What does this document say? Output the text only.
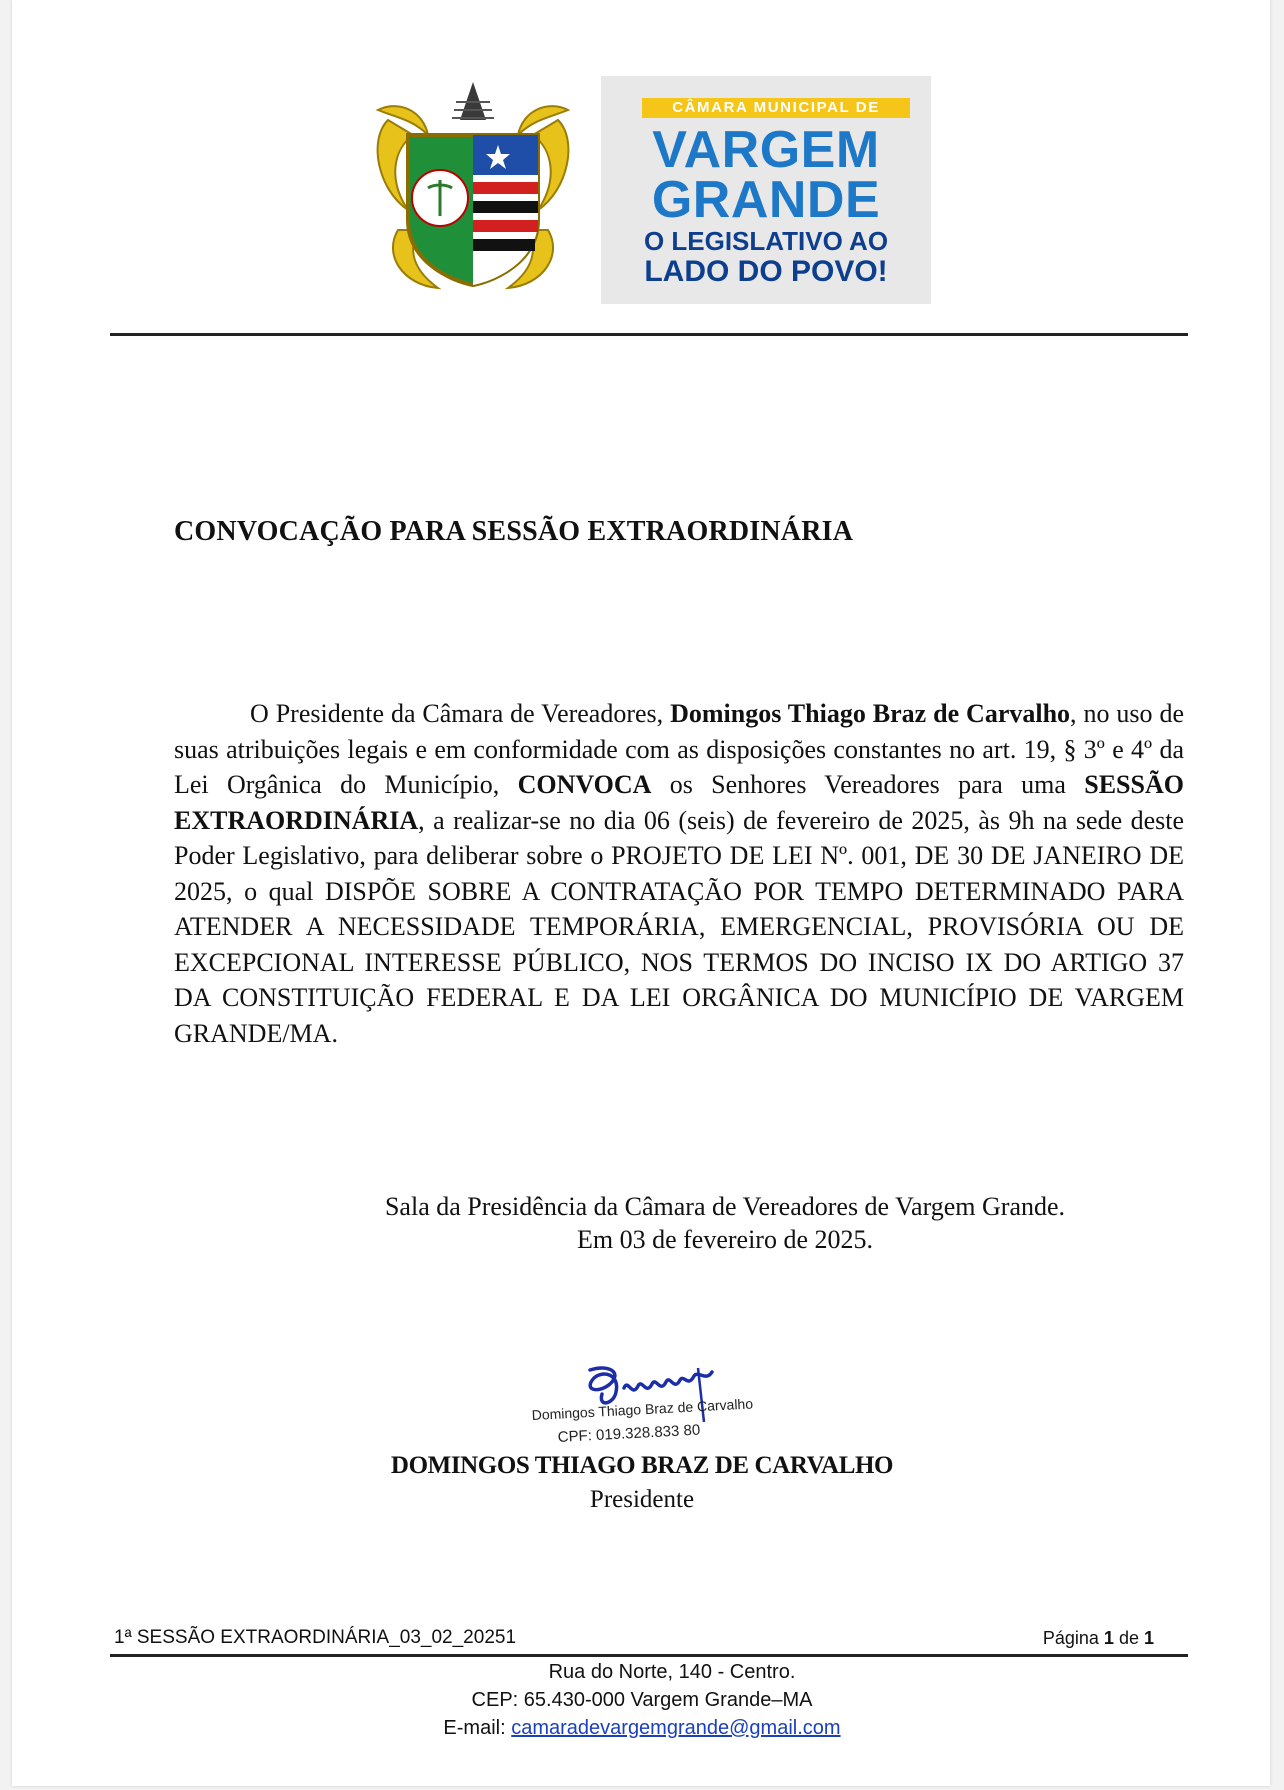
CÂMARA MUNICIPAL DE
VARGEM
GRANDE
O LEGISLATIVO AO
LADO DO POVO!
CONVOCAÇÃO PARA SESSÃO EXTRAORDINÁRIA

O Presidente da Câmara de Vereadores, Domingos Thiago Braz de Carvalho, no uso de suas atribuições legais e em conformidade com as disposições constantes no art. 19, § 3º e 4º da Lei Orgânica do Município, CONVOCA os Senhores Vereadores para uma SESSÃO EXTRAORDINÁRIA, a realizar-se no dia 06 (seis) de fevereiro de 2025, às 9h na sede deste Poder Legislativo, para deliberar sobre o PROJETO DE LEI Nº. 001, DE 30 DE JANEIRO DE 2025, o qual DISPÕE SOBRE A CONTRATAÇÃO POR TEMPO DETERMINADO PARA ATENDER A NECESSIDADE TEMPORÁRIA, EMERGENCIAL, PROVISÓRIA OU DE EXCEPCIONAL INTERESSE PÚBLICO, NOS TERMOS DO INCISO IX DO ARTIGO 37 DA CONSTITUIÇÃO FEDERAL E DA LEI ORGÂNICA DO MUNICÍPIO DE VARGEM GRANDE/MA.

Sala da Presidência da Câmara de Vereadores de Vargem Grande.
Em 03 de fevereiro de 2025.
Domingos Thiago Braz de Carvalho
CPF: 019.328.833 80
DOMINGOS THIAGO BRAZ DE CARVALHO
Presidente
1ª SESSÃO EXTRAORDINÁRIA_03_02_20251	Página 1 de 1
Rua do Norte, 140 - Centro.
CEP: 65.430-000 Vargem Grande–MA
E-mail: camaradevargemgrande@gmail.com
